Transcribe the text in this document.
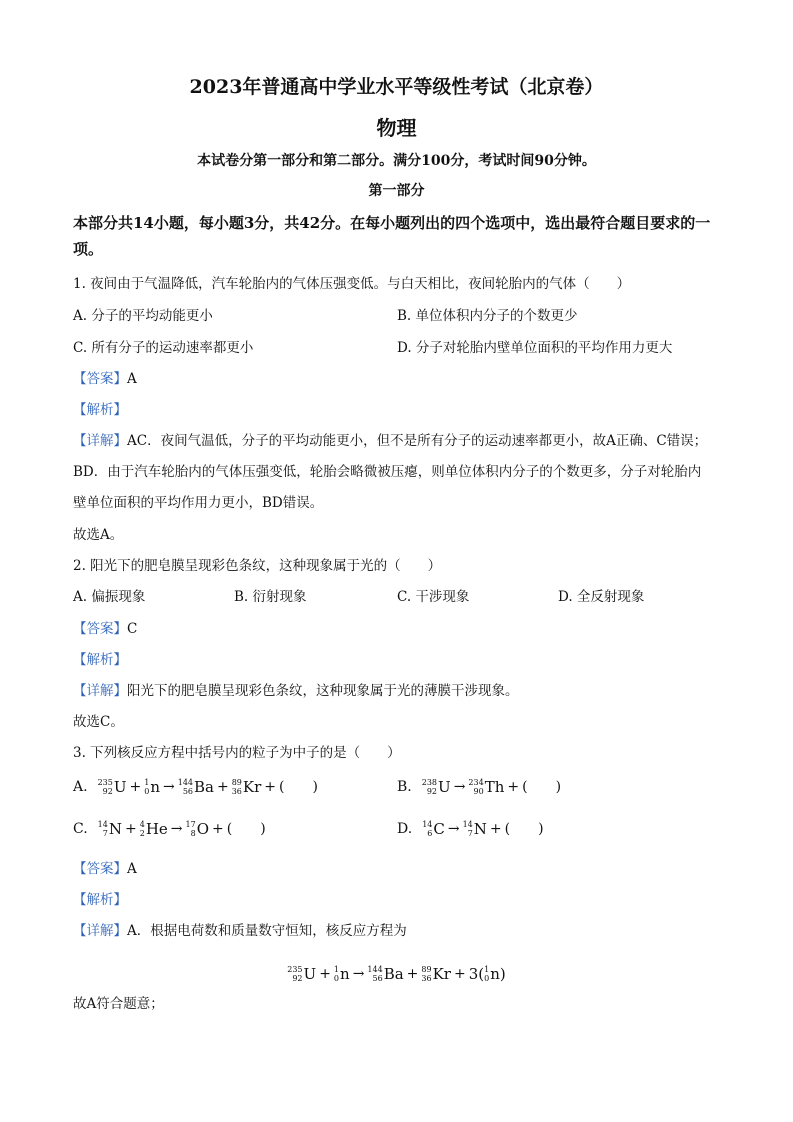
2023年普通高中学业水平等级性考试（北京卷）
物理
本试卷分第一部分和第二部分。满分100分，考试时间90分钟。
第一部分
本部分共14小题，每小题3分，共42分。在每小题列出的四个选项中，选出最符合题目要求的一项。
1. 夜间由于气温降低，汽车轮胎内的气体压强变低。与白天相比，夜间轮胎内的气体（　　）
A. 分子的平均动能更小	B. 单位体积内分子的个数更少
C. 所有分子的运动速率都更小	D. 分子对轮胎内壁单位面积的平均作用力更大
【答案】A
【解析】
【详解】AC．夜间气温低，分子的平均动能更小，但不是所有分子的运动速率都更小，故A正确、C错误；
BD．由于汽车轮胎内的气体压强变低，轮胎会略微被压瘪，则单位体积内分子的个数更多，分子对轮胎内
壁单位面积的平均作用力更小，BD错误。
故选A。
2. 阳光下的肥皂膜呈现彩色条纹，这种现象属于光的（　　）
A. 偏振现象	B. 衍射现象	C. 干涉现象	D. 全反射现象
【答案】C
【解析】
【详解】阳光下的肥皂膜呈现彩色条纹，这种现象属于光的薄膜干涉现象。
故选C。
3. 下列核反应方程中括号内的粒子为中子的是（　　）
A. 235
92 U + 1
0 n → 144
56 Ba + 89
36 Kr + ( )	B. 238
92 U → 234
90 Th + ( )
C. 14
7 N + 4
2 He → 17
8 O + ( )	D. 14
6 C → 14
7 N + ( )
【答案】A
【解析】
【详解】A．根据电荷数和质量数守恒知，核反应方程为
235
92 U + 1
0 n → 144
56 Ba + 89
36 Kr + 3( 1
0 n)
故A符合题意；
